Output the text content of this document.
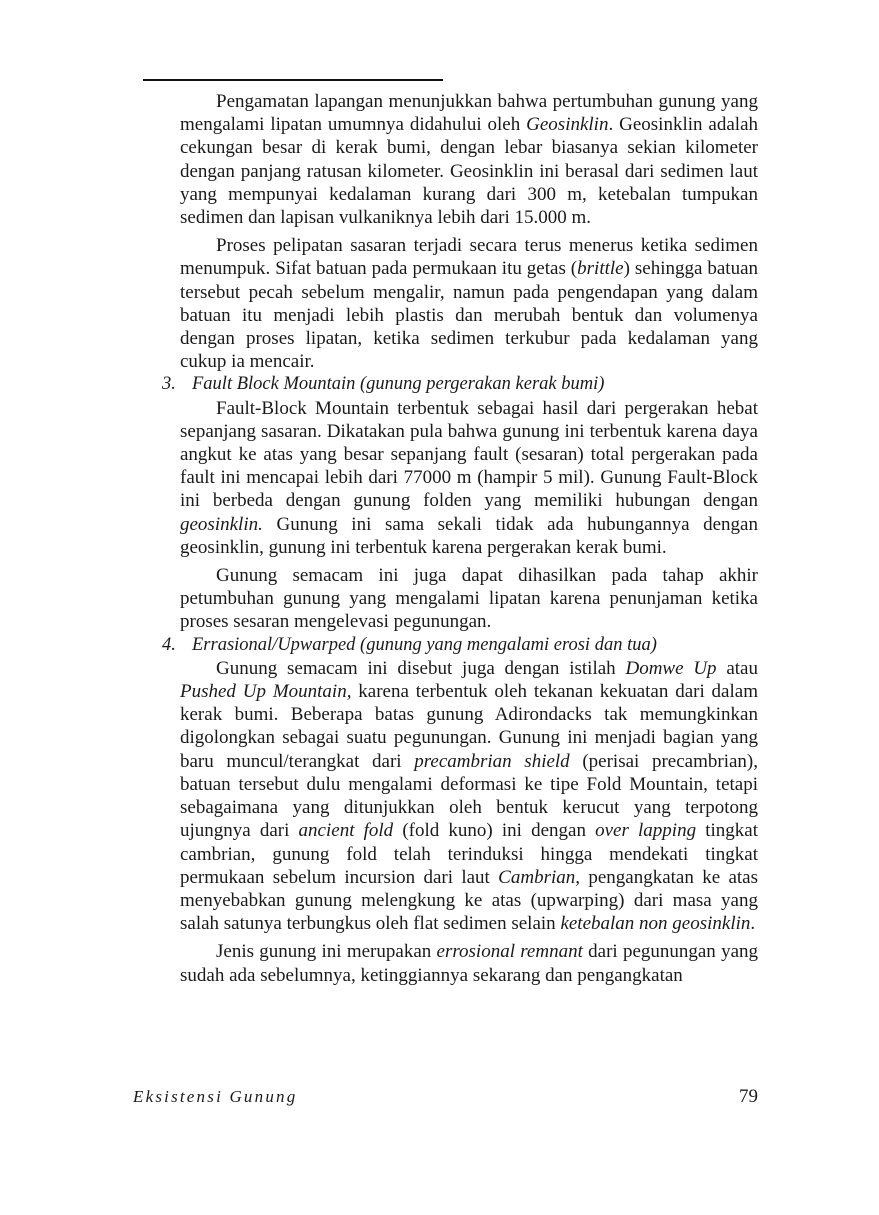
Pengamatan lapangan menunjukkan bahwa pertumbuhan gunung yang mengalami lipatan umumnya didahului oleh Geosinklin. Geosinklin adalah cekungan besar di kerak bumi, dengan lebar biasanya sekian kilometer dengan panjang ratusan kilometer. Geosinklin ini berasal dari sedimen laut yang mempunyai kedalaman kurang dari 300 m, ketebalan tumpukan sedimen dan lapisan vulkaniknya lebih dari 15.000 m.

Proses pelipatan sasaran terjadi secara terus menerus ketika sedimen menumpuk. Sifat batuan pada permukaan itu getas (brittle) sehingga batuan tersebut pecah sebelum mengalir, namun pada pengendapan yang dalam batuan itu menjadi lebih plastis dan merubah bentuk dan volumenya dengan proses lipatan, ketika sedimen terkubur pada kedalaman yang cukup ia mencair.

3. Fault Block Mountain (gunung pergerakan kerak bumi)

Fault-Block Mountain terbentuk sebagai hasil dari pergerakan hebat sepanjang sasaran. Dikatakan pula bahwa gunung ini terbentuk karena daya angkut ke atas yang besar sepanjang fault (sesaran) total pergerakan pada fault ini mencapai lebih dari 77000 m (hampir 5 mil). Gunung Fault-Block ini berbeda dengan gunung folden yang memiliki hubungan dengan geosinklin. Gunung ini sama sekali tidak ada hubungannya dengan geosinklin, gunung ini terbentuk karena pergerakan kerak bumi.

Gunung semacam ini juga dapat dihasilkan pada tahap akhir petumbuhan gunung yang mengalami lipatan karena penunjaman ketika proses sesaran mengelevasi pegunungan.

4. Errasional/Upwarped (gunung yang mengalami erosi dan tua)

Gunung semacam ini disebut juga dengan istilah Domwe Up atau Pushed Up Mountain, karena terbentuk oleh tekanan kekuatan dari dalam kerak bumi. Beberapa batas gunung Adirondacks tak memungkinkan digolongkan sebagai suatu pegunungan. Gunung ini menjadi bagian yang baru muncul/terangkat dari precambrian shield (perisai precambrian), batuan tersebut dulu mengalami deformasi ke tipe Fold Mountain, tetapi sebagaimana yang ditunjukkan oleh bentuk kerucut yang terpotong ujungnya dari ancient fold (fold kuno) ini dengan over lapping tingkat cambrian, gunung fold telah terinduksi hingga mendekati tingkat permukaan sebelum incursion dari laut Cambrian, pengangkatan ke atas menyebabkan gunung melengkung ke atas (upwarping) dari masa yang salah satunya terbungkus oleh flat sedimen selain ketebalan non geosinklin.

Jenis gunung ini merupakan errosional remnant dari pegunungan yang sudah ada sebelumnya, ketinggiannya sekarang dan pengangkatan

Eksistensi Gunung	79
